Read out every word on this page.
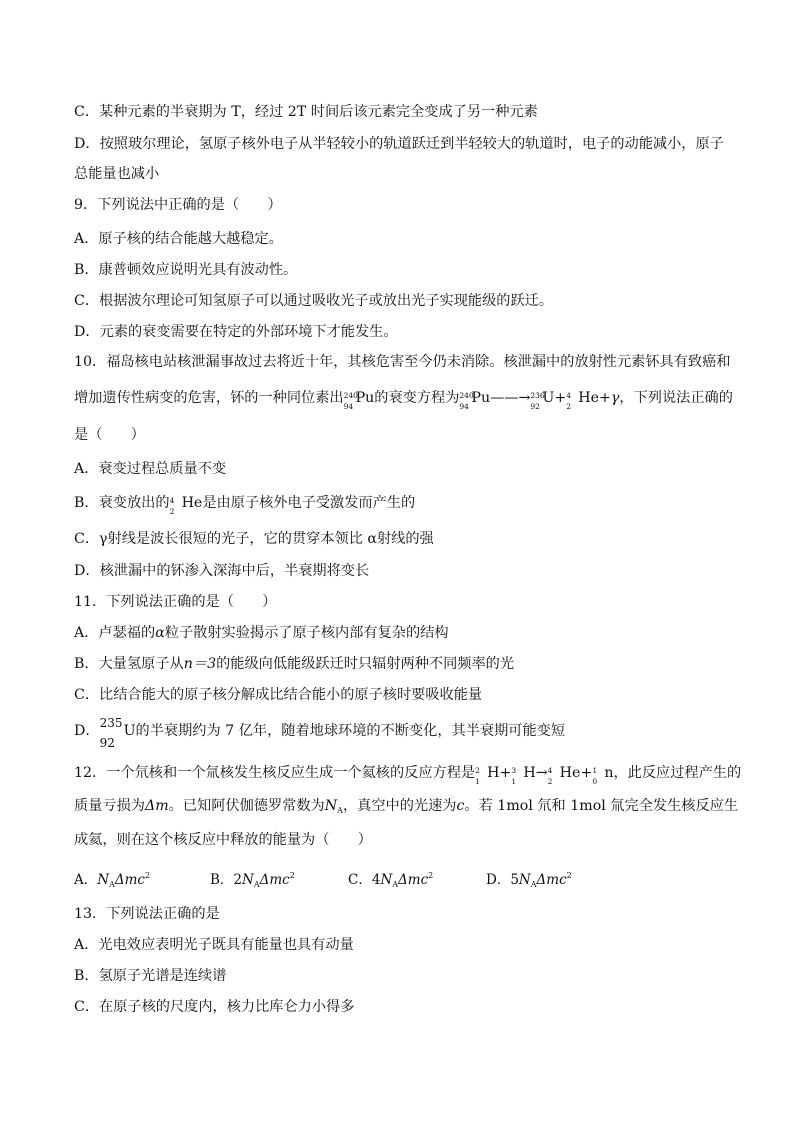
C．某种元素的半衰期为 T，经过 2T 时间后该元素完全变成了另一种元素
D．按照玻尔理论，氢原子核外电子从半轻较小的轨道跃迁到半轻较大的轨道时，电子的动能减小，原子
总能量也减小
9．下列说法中正确的是（　　）
A．原子核的结合能越大越稳定。
B．康普顿效应说明光具有波动性。
C．根据波尔理论可知氢原子可以通过吸收光子或放出光子实现能级的跃迁。
D．元素的衰变需要在特定的外部环境下才能发生。
10．福岛核电站核泄漏事故过去将近十年，其核危害至今仍未消除。核泄漏中的放射性元素钚具有致癌和
增加遗传性病变的危害，钚的一种同位素出 240
94
Pu的衰变方程为 240
94
Pu——→ 236
92
U+ 4
2
He+γ，下列说法正确的
是（　　）
A．衰变过程总质量不变
B．衰变放出的 4
2
He是由原子核外电子受激发而产生的
C．γ射线是波长很短的光子，它的贯穿本领比 α射线的强
D．核泄漏中的钚渗入深海中后，半衰期将变长
11．下列说法正确的是（　　）
A．卢瑟福的α粒子散射实验揭示了原子核内部有复杂的结构
B．大量氢原子从n＝3的能级向低能级跃迁时只辐射两种不同频率的光
C．比结合能大的原子核分解成比结合能小的原子核时要吸收能量
D． 235
92
U的半衰期约为 7 亿年，随着地球环境的不断变化，其半衰期可能变短
12．一个氘核和一个氚核发生核反应生成一个氦核的反应方程是 2
1
H+ 3
1
H→ 4
2
He+ 1
0
n，此反应过程产生的
质量亏损为Δm。已知阿伏伽德罗常数为$N_A$，真空中的光速为c。若 1mol 氘和 1mol 氚完全发生核反应生
成氦，则在这个核反应中释放的能量为（　　）
A．$N_A\Delta mc^2$	B．$2N_A\Delta mc^2$	C．$4N_A\Delta mc^2$	D．$5N_A\Delta mc^2$
13．下列说法正确的是
A．光电效应表明光子既具有能量也具有动量
B．氢原子光谱是连续谱
C．在原子核的尺度内，核力比库仑力小得多
